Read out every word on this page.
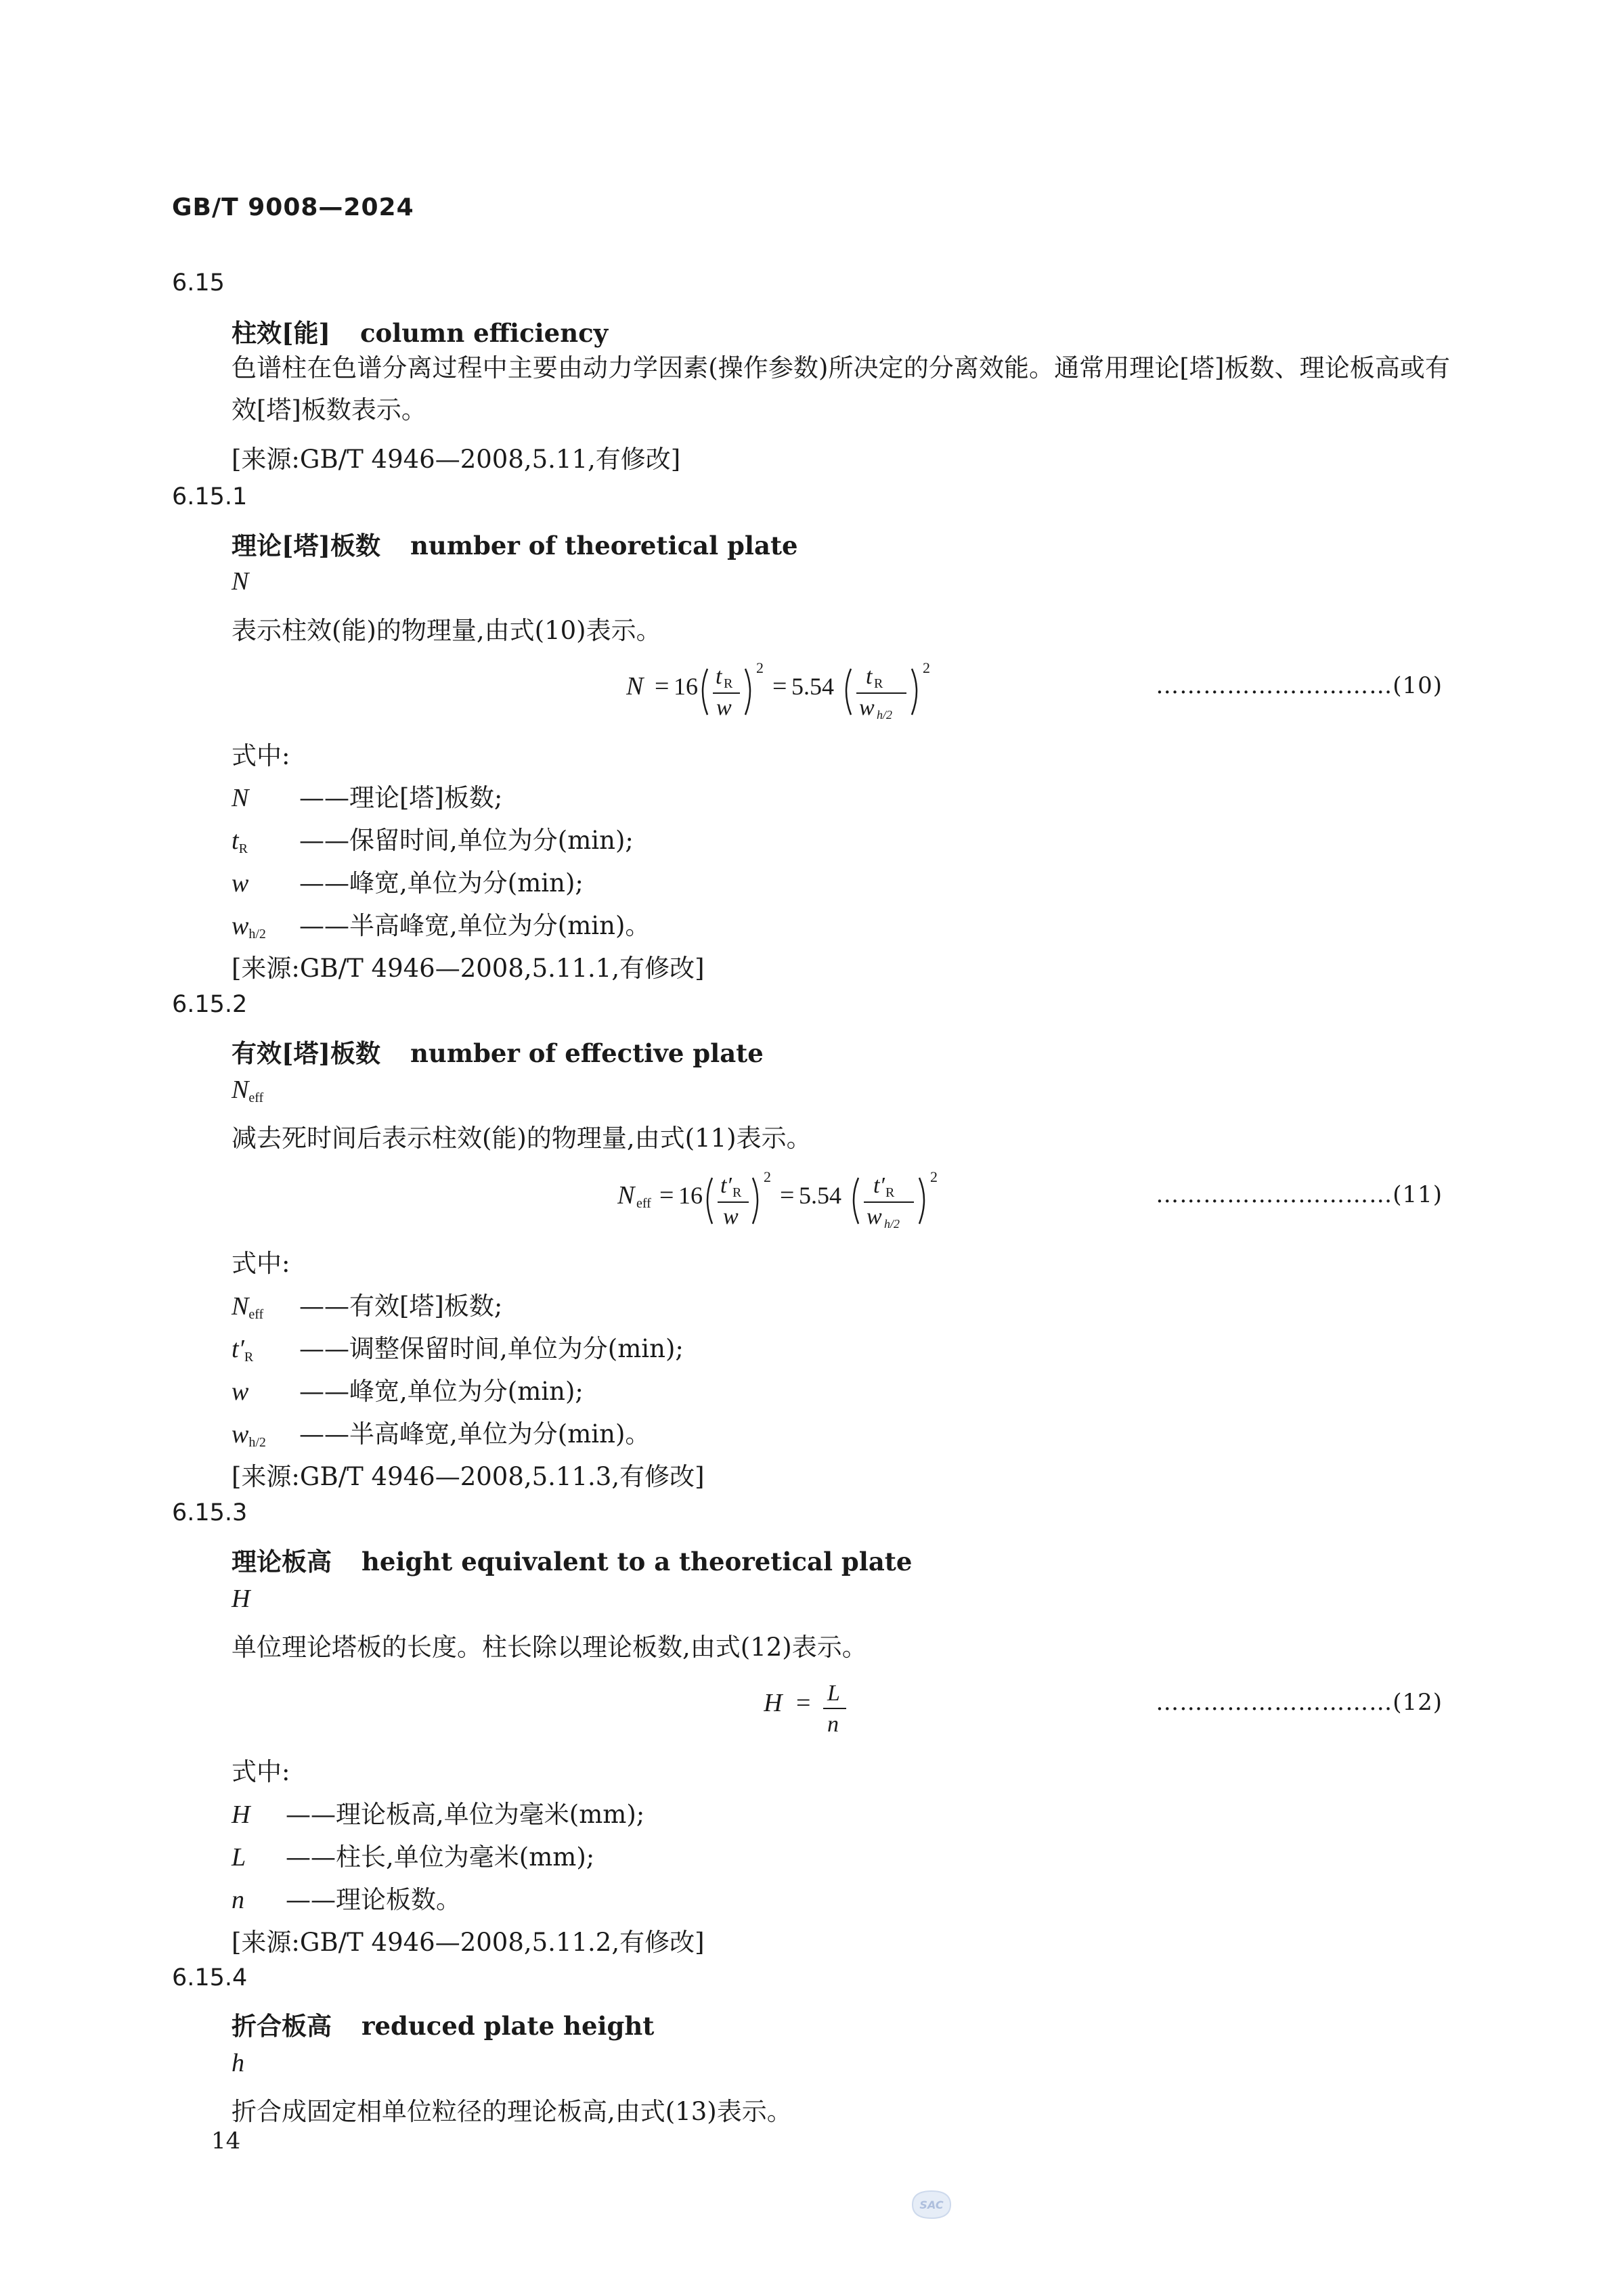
GB/T 9008—2024
6.15
柱效[能] column efficiency
色谱柱在色谱分离过程中主要由动力学因素(操作参数)所决定的分离效能。通常用理论[塔]板数、理论板高或有效[塔]板数表示。
[来源:GB/T 4946—2008,5.11,有修改]
6.15.1
理论[塔]板数 number of theoretical plate
N
表示柱效(能)的物理量,由式(10)表示。
N = 16 t R
w
2
= 5.54 t R
w h/2
2
…………………………(10)
式中:
N ——理论[塔]板数;
$t_R$ ——保留时间,单位为分(min);
w ——峰宽,单位为分(min);
$w_{h/2}$ ——半高峰宽,单位为分(min)。
[来源:GB/T 4946—2008,5.11.1,有修改]
6.15.2
有效[塔]板数 number of effective plate
$N_{eff}$
减去死时间后表示柱效(能)的物理量,由式(11)表示。
N eff = 16 t′ R
w
2
= 5.54 t′ R
w h/2
2
…………………………(11)
式中:
$N_{eff}$ ——有效[塔]板数;
$t'_R$ ——调整保留时间,单位为分(min);
w ——峰宽,单位为分(min);
$w_{h/2}$ ——半高峰宽,单位为分(min)。
[来源:GB/T 4946—2008,5.11.3,有修改]
6.15.3
理论板高 height equivalent to a theoretical plate
H
单位理论塔板的长度。柱长除以理论板数,由式(12)表示。
H = L
n
…………………………(12)
式中:
H ——理论板高,单位为毫米(mm);
L ——柱长,单位为毫米(mm);
n ——理论板数。
[来源:GB/T 4946—2008,5.11.2,有修改]
6.15.4
折合板高 reduced plate height
h
折合成固定相单位粒径的理论板高,由式(13)表示。
14
SAC
